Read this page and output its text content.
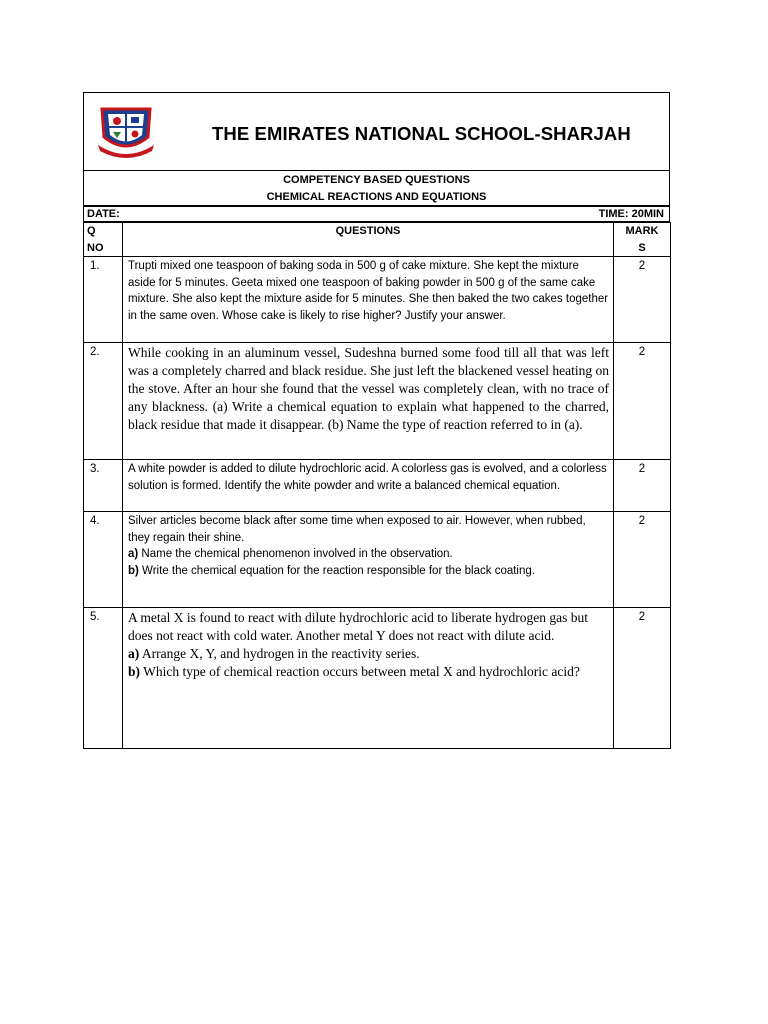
THE EMIRATES NATIONAL SCHOOL-SHARJAH
COMPETENCY BASED QUESTIONS
CHEMICAL REACTIONS AND EQUATIONS
DATE:	TIME: 20MIN
Q
NO	QUESTIONS	MARK
S

1.	Trupti mixed one teaspoon of baking soda in 500 g of cake mixture. She kept the mixture aside for 5 minutes. Geeta mixed one teaspoon of baking powder in 500 g of the same cake mixture. She also kept the mixture aside for 5 minutes. She then baked the two cakes together in the same oven. Whose cake is likely to rise higher? Justify your answer.	2
2.	While cooking in an aluminum vessel, Sudeshna burned some food till all that was left was a completely charred and black residue. She just left the blackened vessel heating on the stove. After an hour she found that the vessel was completely clean, with no trace of any blackness. (a) Write a chemical equation to explain what happened to the charred, black residue that made it disappear. (b) Name the type of reaction referred to in (a).	2
3.	A white powder is added to dilute hydrochloric acid. A colorless gas is evolved, and a colorless solution is formed. Identify the white powder and write a balanced chemical equation.	2
4.	Silver articles become black after some time when exposed to air. However, when rubbed, they regain their shine.
a) Name the chemical phenomenon involved in the observation.
b) Write the chemical equation for the reaction responsible for the black coating.	2
5.	A metal X is found to react with dilute hydrochloric acid to liberate hydrogen gas but does not react with cold water. Another metal Y does not react with dilute acid.
a) Arrange X, Y, and hydrogen in the reactivity series.
b) Which type of chemical reaction occurs between metal X and hydrochloric acid?	2
